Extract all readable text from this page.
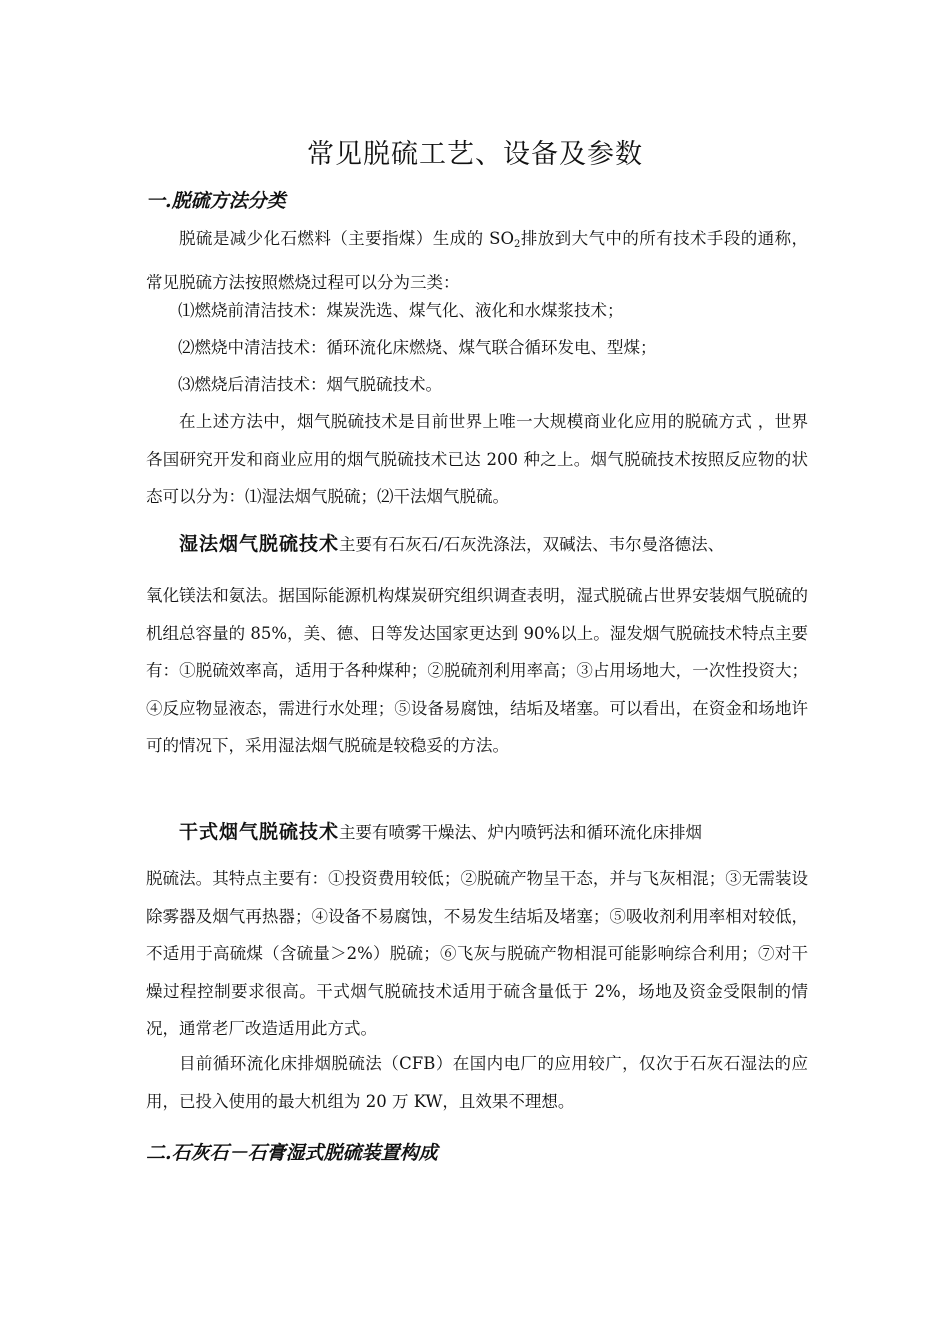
常见脱硫工艺、设备及参数
一.脱硫方法分类

脱硫是减少化石燃料（主要指煤）生成的 $SO_2$排放到大气中的所有技术手段的通称，常见脱硫方法按照燃烧过程可以分为三类：

⑴燃烧前清洁技术：煤炭洗选、煤气化、液化和水煤浆技术；
⑵燃烧中清洁技术：循环流化床燃烧、煤气联合循环发电、型煤；
⑶燃烧后清洁技术：烟气脱硫技术。

在上述方法中，烟气脱硫技术是目前世界上唯一大规模商业化应用的脱硫方式 ，世界各国研究开发和商业应用的烟气脱硫技术已达 200 种之上。烟气脱硫技术按照反应物的状态可以分为：⑴湿法烟气脱硫；⑵干法烟气脱硫。

湿法烟气脱硫技术主要有石灰石/石灰洗涤法，双碱法、韦尔曼洛德法、

氧化镁法和氨法。据国际能源机构煤炭研究组织调查表明，湿式脱硫占世界安装烟气脱硫的机组总容量的 85%，美、德、日等发达国家更达到 90%以上。湿发烟气脱硫技术特点主要有：①脱硫效率高，适用于各种煤种；②脱硫剂利用率高；③占用场地大，一次性投资大；④反应物显液态，需进行水处理；⑤设备易腐蚀，结垢及堵塞。可以看出，在资金和场地许可的情况下，采用湿法烟气脱硫是较稳妥的方法。

干式烟气脱硫技术主要有喷雾干燥法、炉内喷钙法和循环流化床排烟

脱硫法。其特点主要有：①投资费用较低；②脱硫产物呈干态，并与飞灰相混；③无需装设除雾器及烟气再热器；④设备不易腐蚀，不易发生结垢及堵塞；⑤吸收剂利用率相对较低，不适用于高硫煤（含硫量＞2%）脱硫；⑥飞灰与脱硫产物相混可能影响综合利用；⑦对干燥过程控制要求很高。干式烟气脱硫技术适用于硫含量低于 2%，场地及资金受限制的情况，通常老厂改造适用此方式。

目前循环流化床排烟脱硫法（CFB）在国内电厂的应用较广，仅次于石灰石湿法的应用，已投入使用的最大机组为 20 万 KW，且效果不理想。

二.石灰石－石膏湿式脱硫装置构成
